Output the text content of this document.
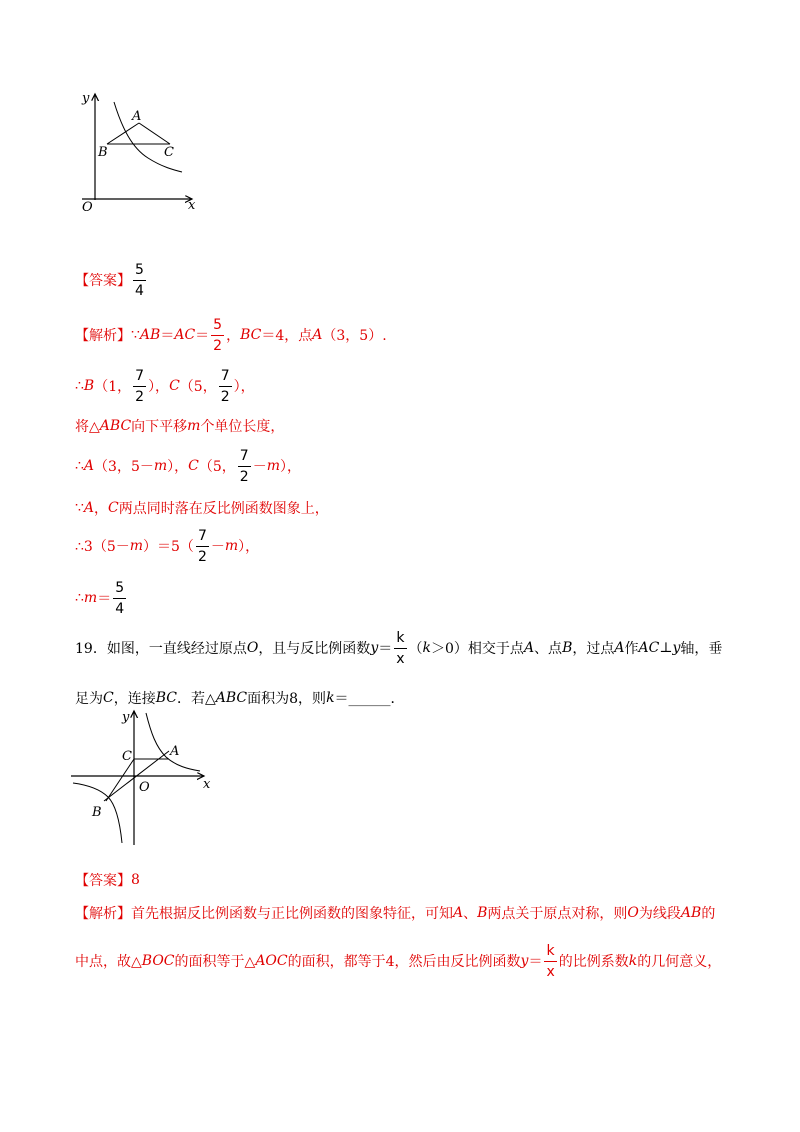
y
x
O
A
B	C
【答案】 $\frac{5}{4}$
【解析】 ∵ AB ＝ AC ＝ $\frac{5}{2}$ ， BC ＝4，点 A （3，5）.
∴ B （1， $\frac{7}{2}$ ）， C （5， $\frac{7}{2}$ ），
将△ ABC 向下平移 m 个单位长度，
∴ A （3，5－ m ）， C （5， $\frac{7}{2} - m$ ），
∵ A ， C 两点同时落在反比例函数图象上，
∴3（5－ m ）$=5( \frac{7}{2} - m$ ），
∴ $m = \frac{5}{4}$
19．如图，一直线经过原点 O ，且与反比例函数 $y = \frac{k}{x}$ （ k ＞0）相交于点 A 、点 B ，过点 A 作 AC ⊥ y 轴，垂
足为 C ，连接 BC ．若△ ABC 面积为8，则 k ＝______．
y
x
O
A
B
C
【答案】 8
【解析】 首先根据反比例函数与正比例函数的图象特征，可知 A 、 B 两点关于原点对称，则 O 为线段 AB 的
中点，故△ BOC 的面积等于△ AOC 的面积，都等于4，然后由反比例函数 $y = \frac{k}{x}$ 的比例系数 k 的几何意义，
